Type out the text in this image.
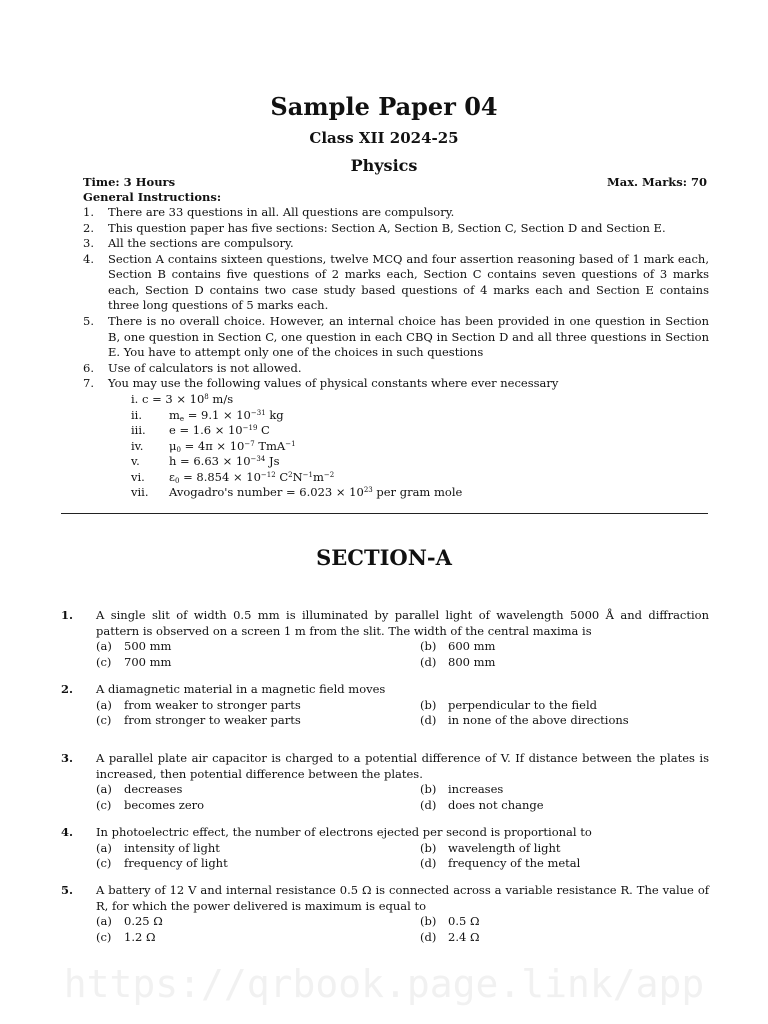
Sample Paper 04
Class XII 2024-25
Physics
Time: 3 Hours	Max. Marks: 70
General Instructions:
1. There are 33 questions in all. All questions are compulsory.
2. This question paper has five sections: Section A, Section B, Section C, Section D and Section E.
3. All the sections are compulsory.
4. Section A contains sixteen questions, twelve MCQ and four assertion reasoning based of 1 mark each, Section B contains five questions of 2 marks each, Section C contains seven questions of 3 marks each, Section D contains two case study based questions of 4 marks each and Section E contains three long questions of 5 marks each.
5. There is no overall choice. However, an internal choice has been provided in one question in Section B, one question in Section C, one question in each CBQ in Section D and all three questions in Section E. You have to attempt only one of the choices in such questions
6. Use of calculators is not allowed.
7. You may use the following values of physical constants where ever necessary
i. $c = 3 \times 10^8$ m/s
ii. $m_e = 9.1 \times 10^{-31}$ kg
iii. $e = 1.6 \times 10^{-19}$ C
iv. $\mu_0 = 4\pi \times 10^{-7}$ TmA$^{-1}$
v.	$h = 6.63 \times 10^{-34}$ Js
vi. $\varepsilon_0 = 8.854 \times 10^{-12}$ $C^2N^{-1}m^{-2}$
vii. Avogadro's number = $6.023 \times 10^{23}$ per gram mole
SECTION-A
1. A single slit of width 0.5 mm is illuminated by parallel light of wavelength 5000 Å and diffraction pattern is observed on a screen 1 m from the slit. The width of the central maxima is
(a) 500 mm	(b) 600 mm
(c) 700 mm	(d) 800 mm
2. A diamagnetic material in a magnetic field moves
(a) from weaker to stronger parts	(b) perpendicular to the field
(c) from stronger to weaker parts	(d) in none of the above directions
3. A parallel plate air capacitor is charged to a potential difference of V. If distance between the plates is increased, then potential difference between the plates.
(a) decreases	(b) increases
(c) becomes zero	(d) does not change
4. In photoelectric effect, the number of electrons ejected per second is proportional to
(a) intensity of light	(b) wavelength of light
(c) frequency of light	(d) frequency of the metal
5. A battery of 12 V and internal resistance 0.5 Ω is connected across a variable resistance R. The value of R, for which the power delivered is maximum is equal to
(a) 0.25 Ω	(b) 0.5 Ω
(c) 1.2 Ω	(d) 2.4 Ω
https://qrbook.page.link/app
